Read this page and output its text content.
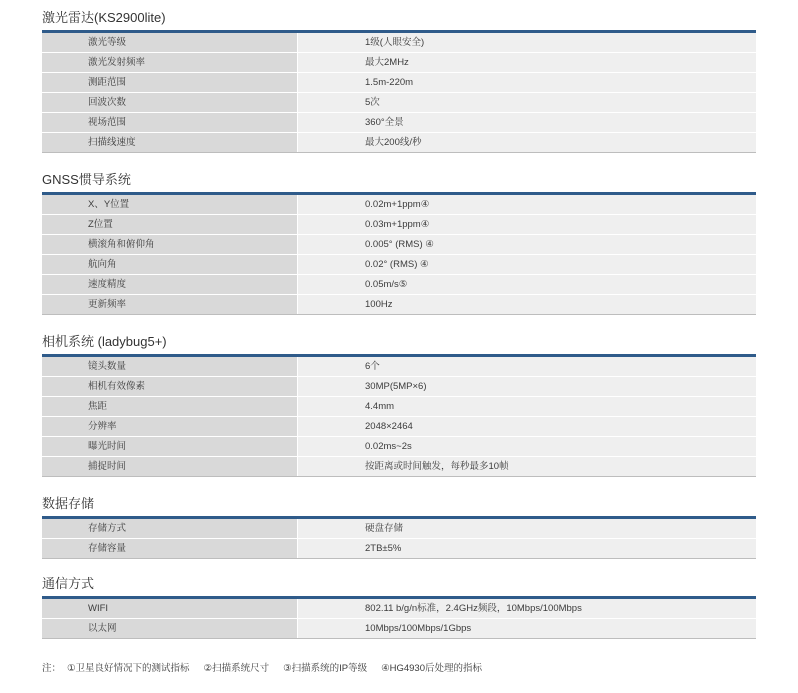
激光雷达(KS2900lite)
激光等级	1级(人眼安全)
激光发射频率	最大2MHz
测距范围	1.5m-220m
回波次数	5次
视场范围	360°全景
扫描线速度	最大200线/秒
GNSS惯导系统
X、Y位置	0.02m+1ppm④
Z位置	0.03m+1ppm④
横滚角和俯仰角	0.005° (RMS) ④
航向角	0.02° (RMS) ④
速度精度	0.05m/s⑤
更新频率	100Hz
相机系统 (ladybug5+)
镜头数量	6个
相机有效像素	30MP(5MP×6)
焦距	4.4mm
分辨率	2048×2464
曝光时间	0.02ms~2s
捕捉时间	按距离或时间触发，每秒最多10帧
数据存储
存储方式	硬盘存储
存储容量	2TB±5%
通信方式
WIFI	802.11 b/g/n标准，2.4GHz频段，10Mbps/100Mbps
以太网	10Mbps/100Mbps/1Gbps
注： ①卫星良好情况下的测试指标 ②扫描系统尺寸 ③扫描系统的IP等级 ④HG4930后处理的指标
